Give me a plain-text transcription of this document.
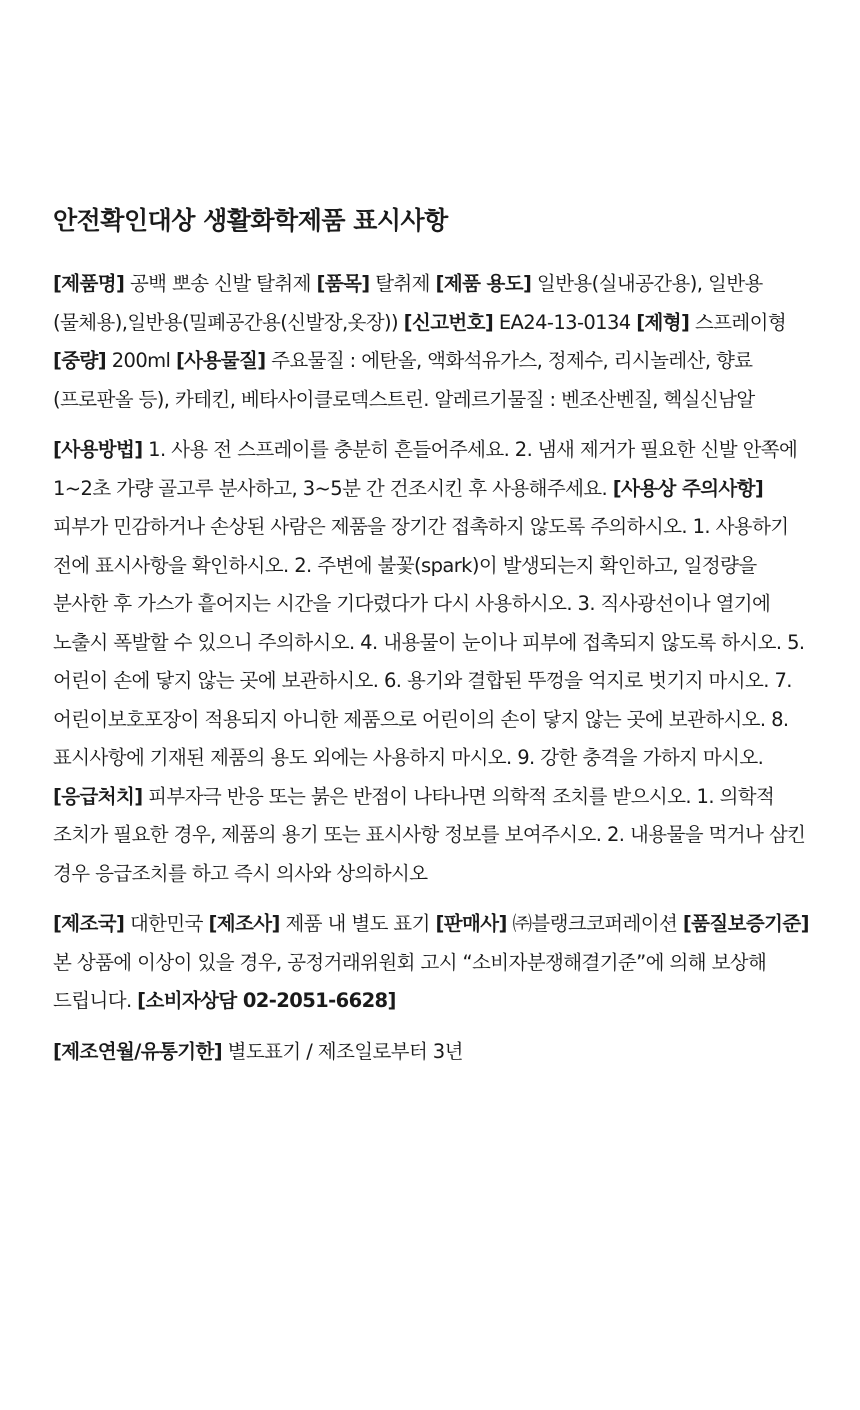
안전확인대상 생활화학제품 표시사항

[제품명] 공백 뽀송 신발 탈취제 [품목] 탈취제 [제품 용도] 일반용(실내공간용), 일반용(물체용),일반용(밀폐공간용(신발장,옷장)) [신고번호] EA24-13-0134 [제형] 스프레이형 [중량] 200ml [사용물질] 주요물질 : 에탄올, 액화석유가스, 정제수, 리시놀레산, 향료(프로판올 등), 카테킨, 베타사이클로덱스트린. 알레르기물질 : 벤조산벤질, 헥실신남알

[사용방법] 1. 사용 전 스프레이를 충분히 흔들어주세요. 2. 냄새 제거가 필요한 신발 안쪽에 1~2초 가량 골고루 분사하고, 3~5분 간 건조시킨 후 사용해주세요. [사용상 주의사항] 피부가 민감하거나 손상된 사람은 제품을 장기간 접촉하지 않도록 주의하시오. 1. 사용하기 전에 표시사항을 확인하시오. 2. 주변에 불꽃(spark)이 발생되는지 확인하고, 일정량을 분사한 후 가스가 흩어지는 시간을 기다렸다가 다시 사용하시오. 3. 직사광선이나 열기에 노출시 폭발할 수 있으니 주의하시오. 4. 내용물이 눈이나 피부에 접촉되지 않도록 하시오. 5. 어린이 손에 닿지 않는 곳에 보관하시오. 6. 용기와 결합된 뚜껑을 억지로 벗기지 마시오. 7. 어린이보호포장이 적용되지 아니한 제품으로 어린이의 손이 닿지 않는 곳에 보관하시오. 8. 표시사항에 기재된 제품의 용도 외에는 사용하지 마시오. 9. 강한 충격을 가하지 마시오. [응급처치] 피부자극 반응 또는 붉은 반점이 나타나면 의학적 조치를 받으시오. 1. 의학적 조치가 필요한 경우, 제품의 용기 또는 표시사항 정보를 보여주시오. 2. 내용물을 먹거나 삼킨 경우 응급조치를 하고 즉시 의사와 상의하시오

[제조국] 대한민국 [제조사] 제품 내 별도 표기 [판매사] ㈜블랭크코퍼레이션 [품질보증기준] 본 상품에 이상이 있을 경우, 공정거래위원회 고시 “소비자분쟁해결기준”에 의해 보상해 드립니다. [소비자상담 02-2051-6628]

[제조연월/유통기한] 별도표기 / 제조일로부터 3년
